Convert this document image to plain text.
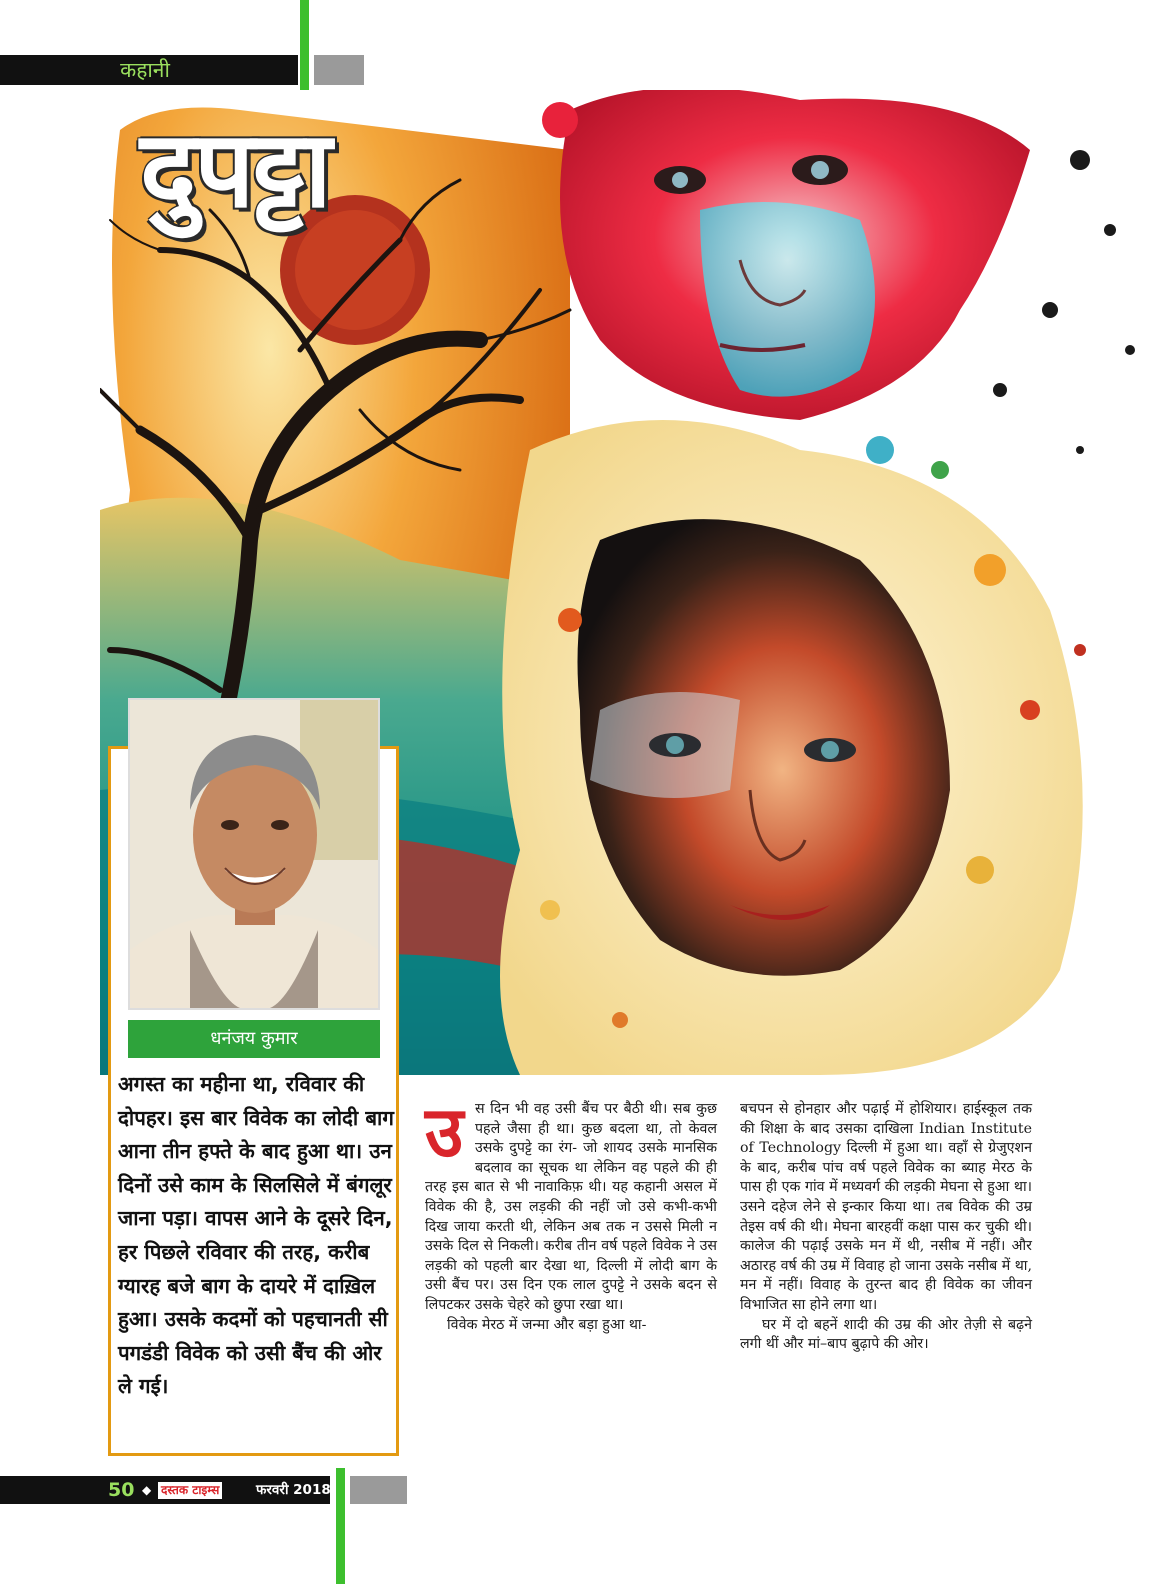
कहानी
दुपट्टा
धनंजय कुमार
अगस्त का महीना था, रविवार की दोपहर। इस बार विवेक का लोदी बाग आना तीन हफ्ते के बाद हुआ था। उन दिनों उसे काम के सिलसिले में बंगलूर जाना पड़ा। वापस आने के दूसरे दिन, हर पिछले रविवार की तरह, करीब ग्यारह बजे बाग के दायरे में दाख़िल हुआ। उसके कदमों को पहचानती सी पगडंडी विवेक को उसी बैंच की ओर ले गई।
उ स दिन भी वह उसी बैंच पर बैठी थी। सब कुछ पहले जैसा ही था। कुछ बदला था, तो केवल उसके दुपट्टे का रंग- जो शायद उसके मानसिक बदलाव का सूचक था लेकिन वह पहले की ही तरह इस बात से भी नावाकिफ़ थी। यह कहानी असल में विवेक की है, उस लड़की की नहीं जो उसे कभी-कभी दिख जाया करती थी, लेकिन अब तक न उससे मिली न उसके दिल से निकली। करीब तीन वर्ष पहले विवेक ने उस लड़की को पहली बार देखा था, दिल्ली में लोदी बाग के उसी बैंच पर। उस दिन एक लाल दुपट्टे ने उसके बदन से लिपटकर उसके चेहरे को छुपा रखा था।
विवेक मेरठ में जन्मा और बड़ा हुआ था-
बचपन से होनहार और पढ़ाई में होशियार। हाईस्कूल तक की शिक्षा के बाद उसका दाखिला Indian Institute of Technology दिल्ली में हुआ था। वहाँ से ग्रेजुएशन के बाद, करीब पांच वर्ष पहले विवेक का ब्याह मेरठ के पास ही एक गांव में मध्यवर्ग की लड़की मेघना से हुआ था। उसने दहेज लेने से इन्कार किया था। तब विवेक की उम्र तेइस वर्ष की थी। मेघना बारहवीं कक्षा पास कर चुकी थी। कालेज की पढ़ाई उसके मन में थी, नसीब में नहीं। और अठारह वर्ष की उम्र में विवाह हो जाना उसके नसीब में था, मन में नहीं। विवाह के तुरन्त बाद ही विवेक का जीवन विभाजित सा होने लगा था।
घर में दो बहनें शादी की उम्र की ओर तेज़ी से बढ़ने लगी थीं और मां–बाप बुढ़ापे की ओर।
50 ◆ दस्तक टाइम्स	फरवरी 2018
